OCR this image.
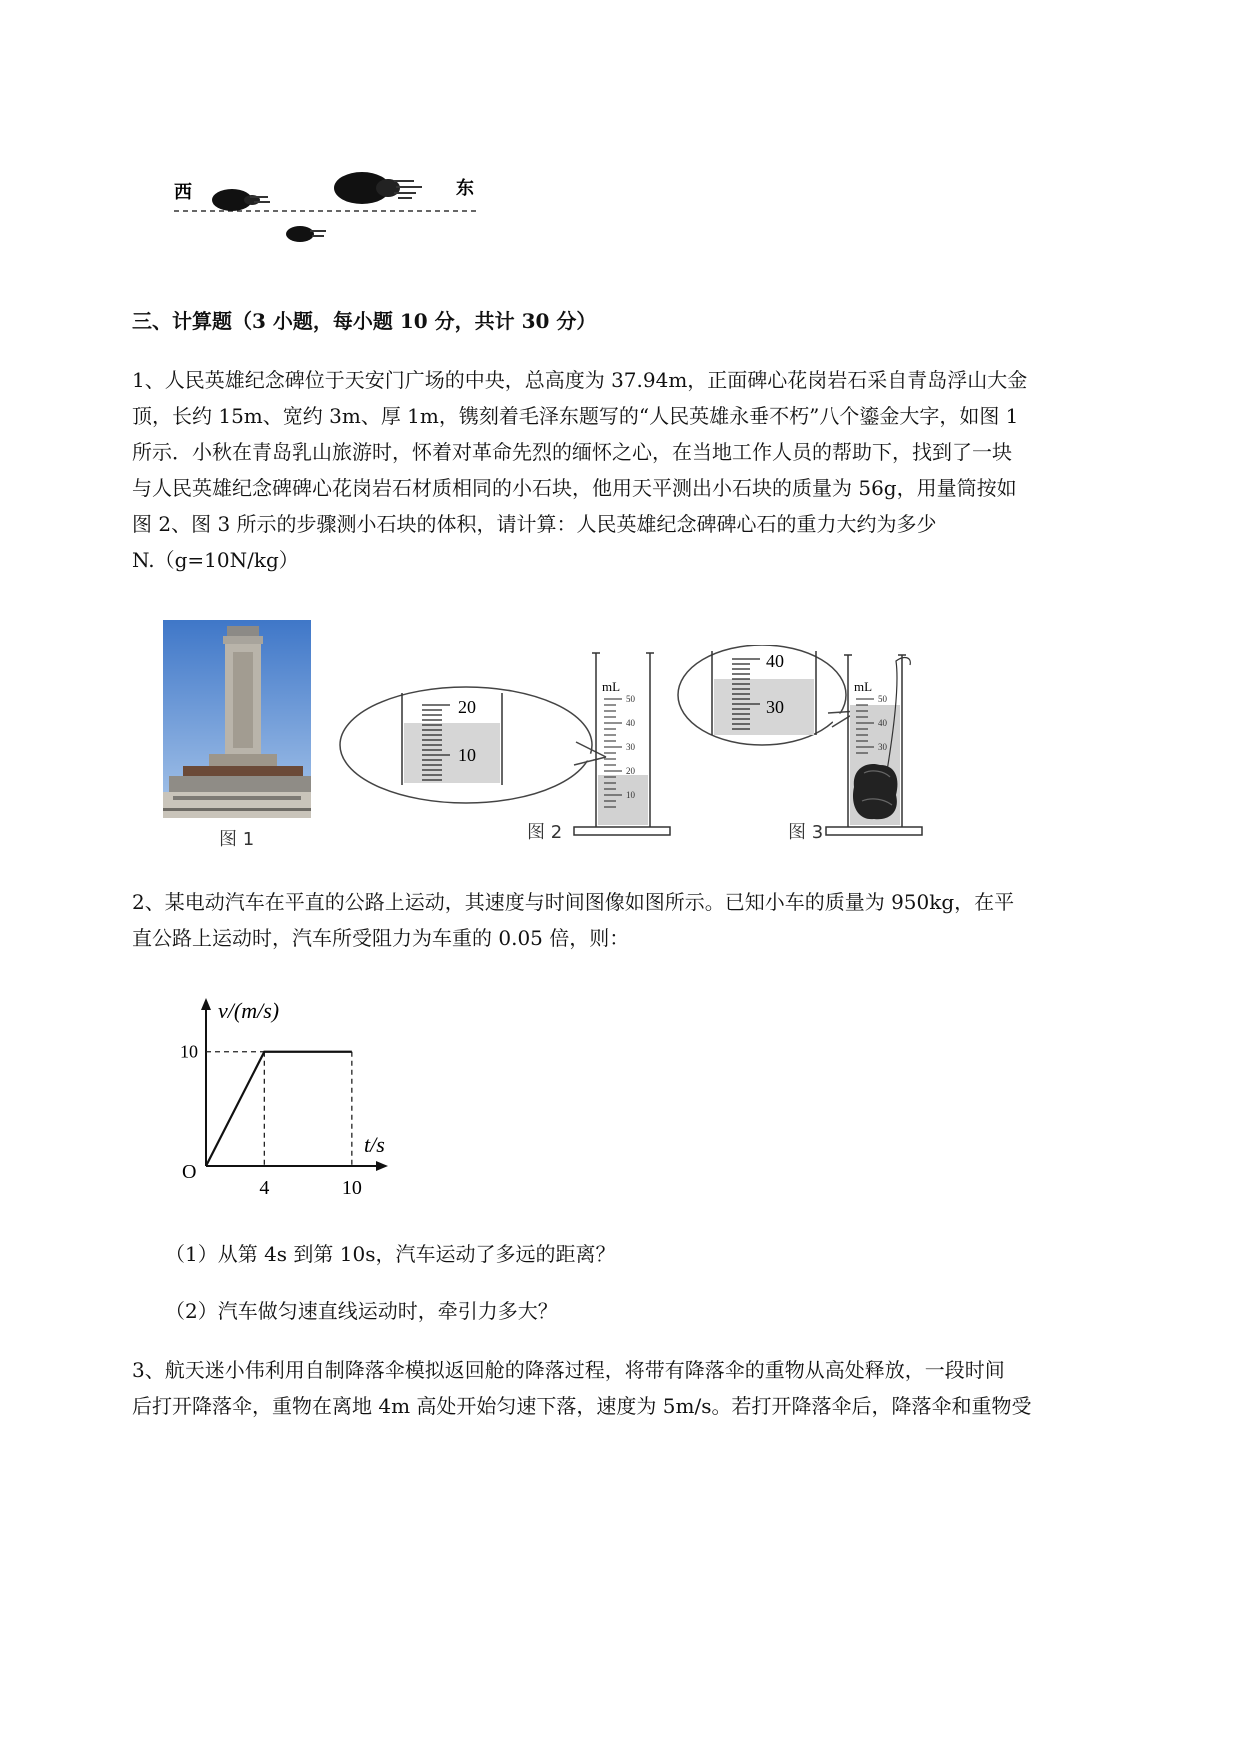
西	东
三、计算题（3 小题，每小题 10 分，共计 30 分）
1、人民英雄纪念碑位于天安门广场的中央，总高度为 37.94m，正面碑心花岗岩石采自青岛浮山大金
顶，长约 15m、宽约 3m、厚 1m，镌刻着毛泽东题写的“人民英雄永垂不朽”八个鎏金大字，如图 1
所示．小秋在青岛乳山旅游时，怀着对革命先烈的缅怀之心，在当地工作人员的帮助下，找到了一块
与人民英雄纪念碑碑心花岗岩石材质相同的小石块，他用天平测出小石块的质量为 56g，用量筒按如
图 2、图 3 所示的步骤测小石块的体积，请计算：人民英雄纪念碑碑心石的重力大约为多少
N.（g=10N/kg）
图 1
20
10
mL
50
40
30
20
10
40
30
mL
50
40
30
图 2	图 3
2、某电动汽车在平直的公路上运动，其速度与时间图像如图所示。已知小车的质量为 950kg，在平
直公路上运动时，汽车所受阻力为车重的 0.05 倍，则：
O
4	10
10
t/s
v/(m/s)
（1）从第 4s 到第 10s，汽车运动了多远的距离？
（2）汽车做匀速直线运动时，牵引力多大？
3、航天迷小伟利用自制降落伞模拟返回舱的降落过程，将带有降落伞的重物从高处释放，一段时间
后打开降落伞，重物在离地 4m 高处开始匀速下落，速度为 5m/s。若打开降落伞后，降落伞和重物受
